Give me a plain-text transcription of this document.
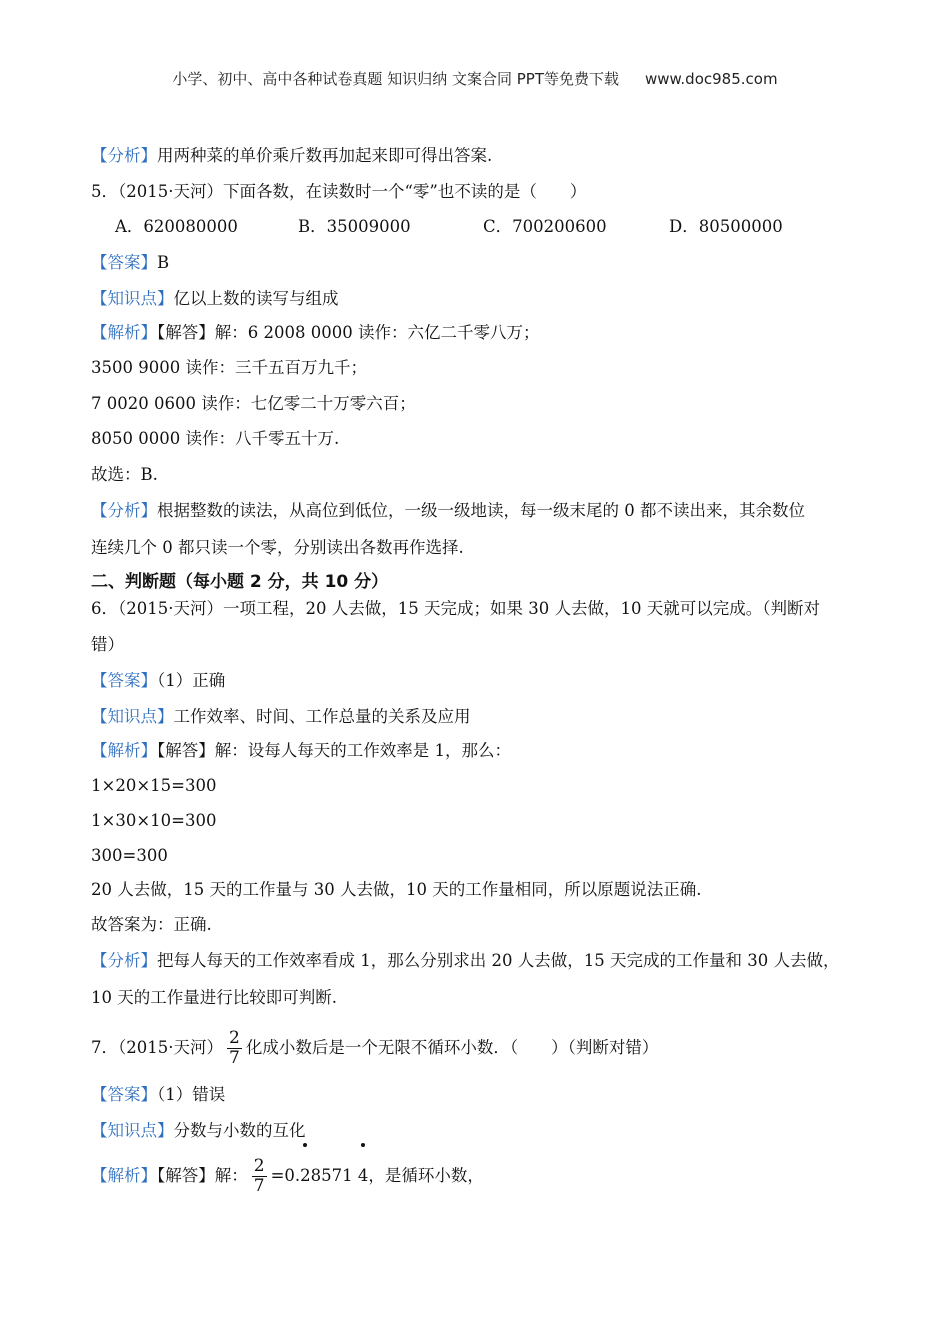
小学、初中、高中各种试卷真题 知识归纳 文案合同 PPT等免费下载 www.doc985.com
【分析】用两种菜的单价乘斤数再加起来即可得出答案.
5．（2015·天河）下面各数，在读数时一个“零”也不读的是（　　）
A．620080000	B．35009000	C．700200600	D．80500000
【答案】B
【知识点】亿以上数的读写与组成
【解析】【解答】解：6 2008 0000 读作：六亿二千零八万；
3500 9000 读作：三千五百万九千；
7 0020 0600 读作：七亿零二十万零六百；
8050 0000 读作：八千零五十万.
故选：B.
【分析】根据整数的读法，从高位到低位，一级一级地读，每一级末尾的 0 都不读出来，其余数位
连续几个 0 都只读一个零，分别读出各数再作选择.
二、判断题（每小题 2 分，共 10 分）
6．（2015·天河）一项工程，20 人去做，15 天完成；如果 30 人去做，10 天就可以完成。（判断对
错）
【答案】（1）正确
【知识点】工作效率、时间、工作总量的关系及应用
【解析】【解答】解：设每人每天的工作效率是 1，那么：
1×20×15=300
1×30×10=300
300=300
20 人去做，15 天的工作量与 30 人去做，10 天的工作量相同，所以原题说法正确.
故答案为：正确.
【分析】把每人每天的工作效率看成 1，那么分别求出 20 人去做，15 天完成的工作量和 30 人去做，
10 天的工作量进行比较即可判断.
7．（2015·天河） $\frac{2}{7}$ 化成小数后是一个无限不循环小数．（　　）（判断对错）
【答案】（1）错误
【知识点】分数与小数的互化
【解析】【解答】解： $\frac{2}{7} =0.28571$ 4，是循环小数，
